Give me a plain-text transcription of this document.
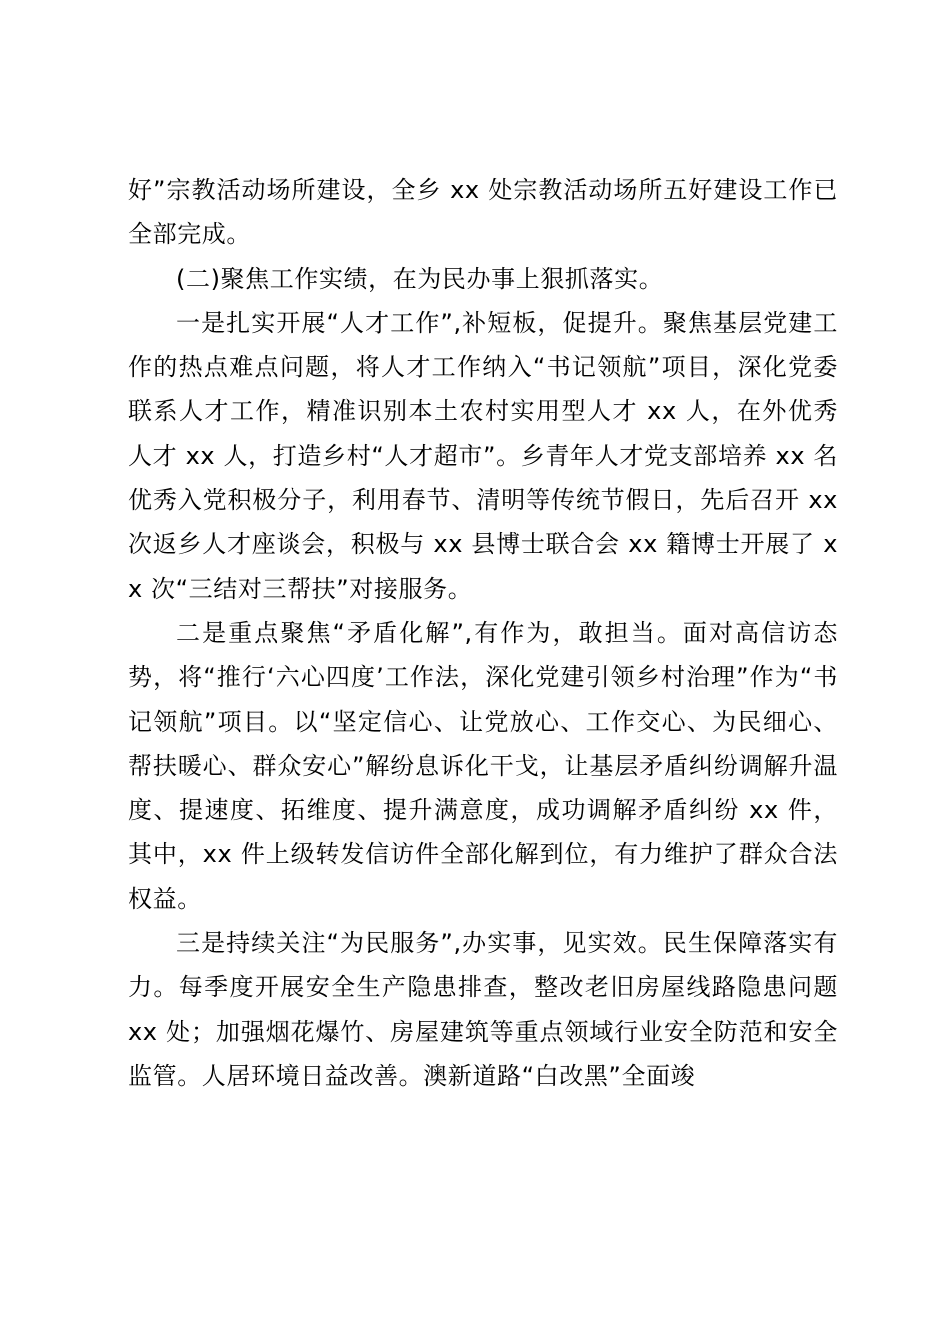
好”宗教活动场所建设，全乡 xx 处宗教活动场所五好建设工作已全部完成。

(二)聚焦工作实绩，在为民办事上狠抓落实。

一是扎实开展“人才工作”,补短板，促提升。聚焦基层党建工作的热点难点问题，将人才工作纳入“书记领航”项目，深化党委联系人才工作，精准识别本土农村实用型人才 xx 人，在外优秀人才 xx 人，打造乡村“人才超市”。乡青年人才党支部培养 xx 名优秀入党积极分子，利用春节、清明等传统节假日，先后召开 xx 次返乡人才座谈会，积极与 xx 县博士联合会 xx 籍博士开展了 xx 次“三结对三帮扶”对接服务。

二是重点聚焦“矛盾化解”,有作为，敢担当。面对高信访态势，将“推行‘六心四度’工作法，深化党建引领乡村治理”作为“书记领航”项目。以“坚定信心、让党放心、工作交心、为民细心、帮扶暖心、群众安心”解纷息诉化干戈，让基层矛盾纠纷调解升温度、提速度、拓维度、提升满意度，成功调解矛盾纠纷 xx 件，其中，xx 件上级转发信访件全部化解到位，有力维护了群众合法权益。

三是持续关注“为民服务”,办实事，见实效。民生保障落实有力。每季度开展安全生产隐患排查，整改老旧房屋线路隐患问题 xx 处；加强烟花爆竹、房屋建筑等重点领域行业安全防范和安全监管。人居环境日益改善。澳新道路“白改黑”全面竣
